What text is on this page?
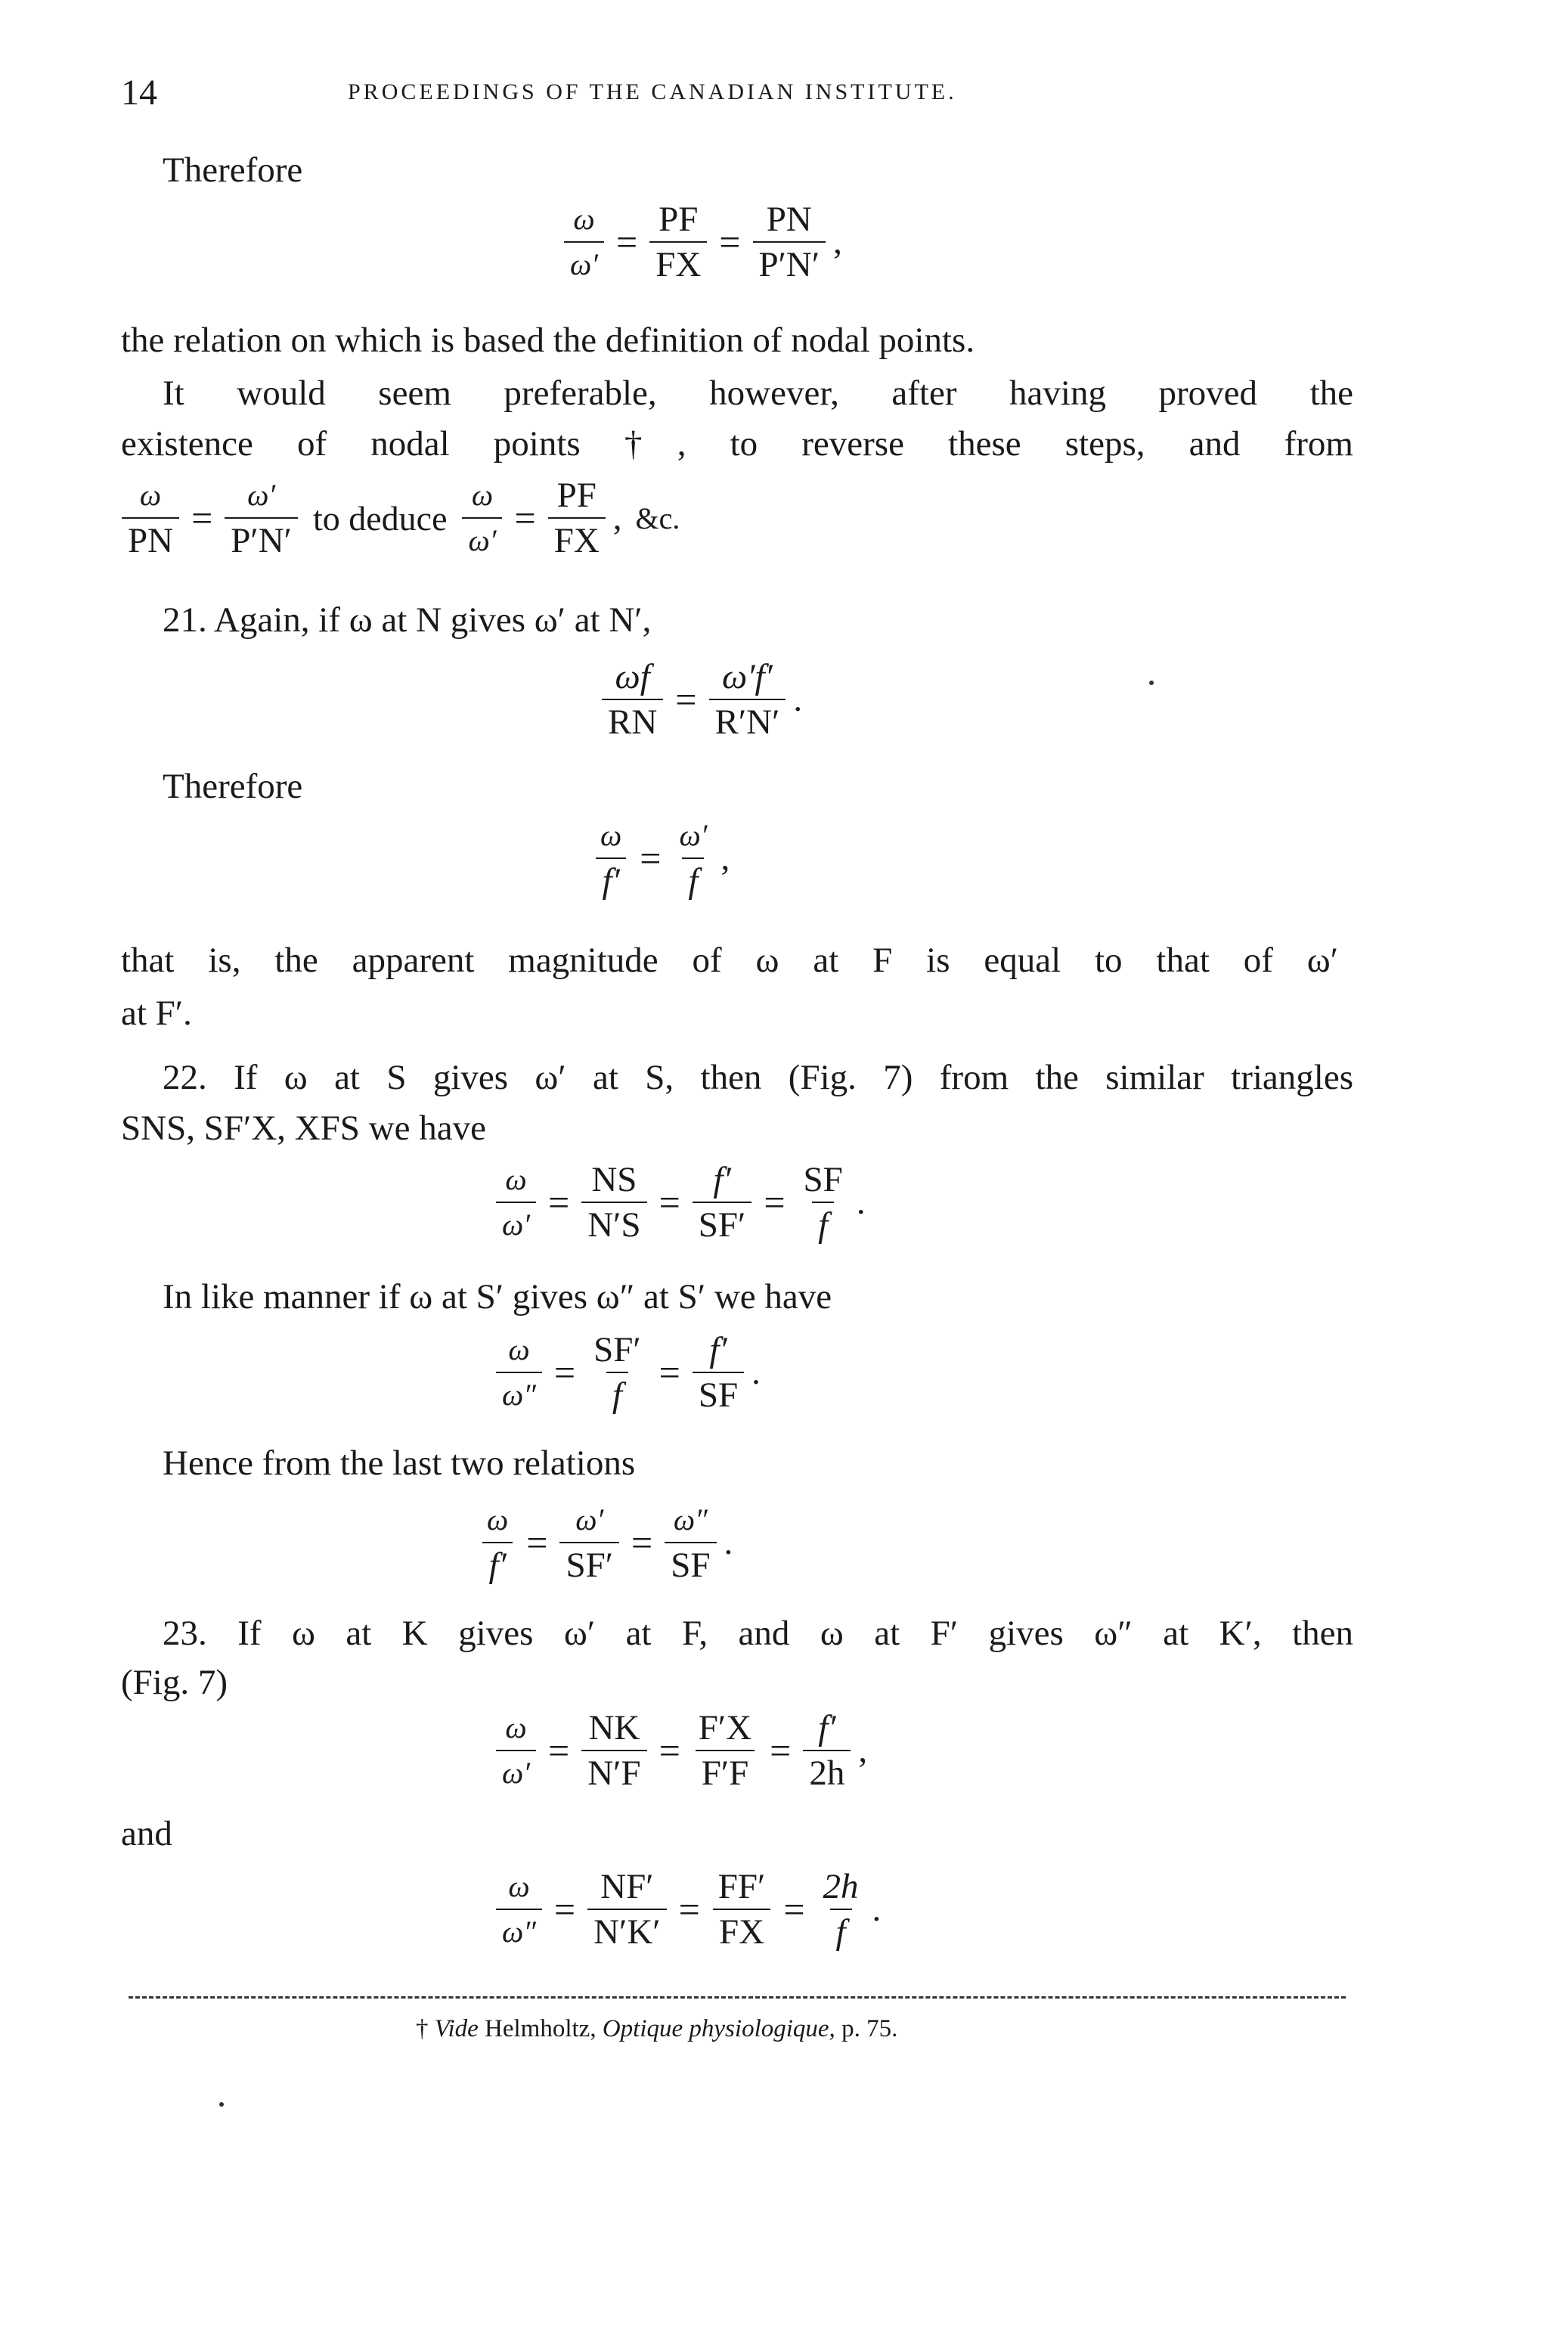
14	PROCEEDINGS OF THE CANADIAN INSTITUTE.
Therefore
$\frac{\omega}{\omega'} = \frac{PF}{FX} = \frac{PN}{P'N'}$ ,
the relation on which is based the definition of nodal points.
It would seem preferable, however, after having proved the
existence of nodal points †, to reverse these steps, and from
$\frac{\omega}{PN} = \frac{\omega'}{P'N'}$ to deduce $\frac{\omega}{\omega'} = \frac{PF}{FX}$ , &c.
21. Again, if ω at N gives ω′ at N′,
$\frac{\omega f}{RN} = \frac{\omega'f'}{R'N'}$ .
Therefore
$\frac{\omega}{f'} = \frac{\omega'}{f}$ ,
that is, the apparent magnitude of ω at F is equal to that of ω′
at F′.
22. If ω at S gives ω′ at S, then (Fig. 7) from the similar triangles
SNS, SF′X, XFS we have
$\frac{\omega}{\omega'} = \frac{NS}{N'S} = \frac{f'}{SF'} = \frac{SF}{f}$ .
In like manner if ω at S′ gives ω″ at S′ we have
$\frac{\omega}{\omega''} = \frac{SF'}{f} = \frac{f'}{SF}$ .
Hence from the last two relations
$\frac{\omega}{f'} = \frac{\omega'}{SF'} = \frac{\omega''}{SF}$ .
23. If ω at K gives ω′ at F, and ω at F′ gives ω″ at K′, then
(Fig. 7)
$\frac{\omega}{\omega'} = \frac{NK}{N'F} = \frac{F'X}{F'F} = \frac{f'}{2h}$ ,
and
$\frac{\omega}{\omega''} = \frac{NF'}{N'K'} = \frac{FF'}{FX} = \frac{2h}{f}$ .
† Vide Helmholtz, Optique physiologique, p. 75.
